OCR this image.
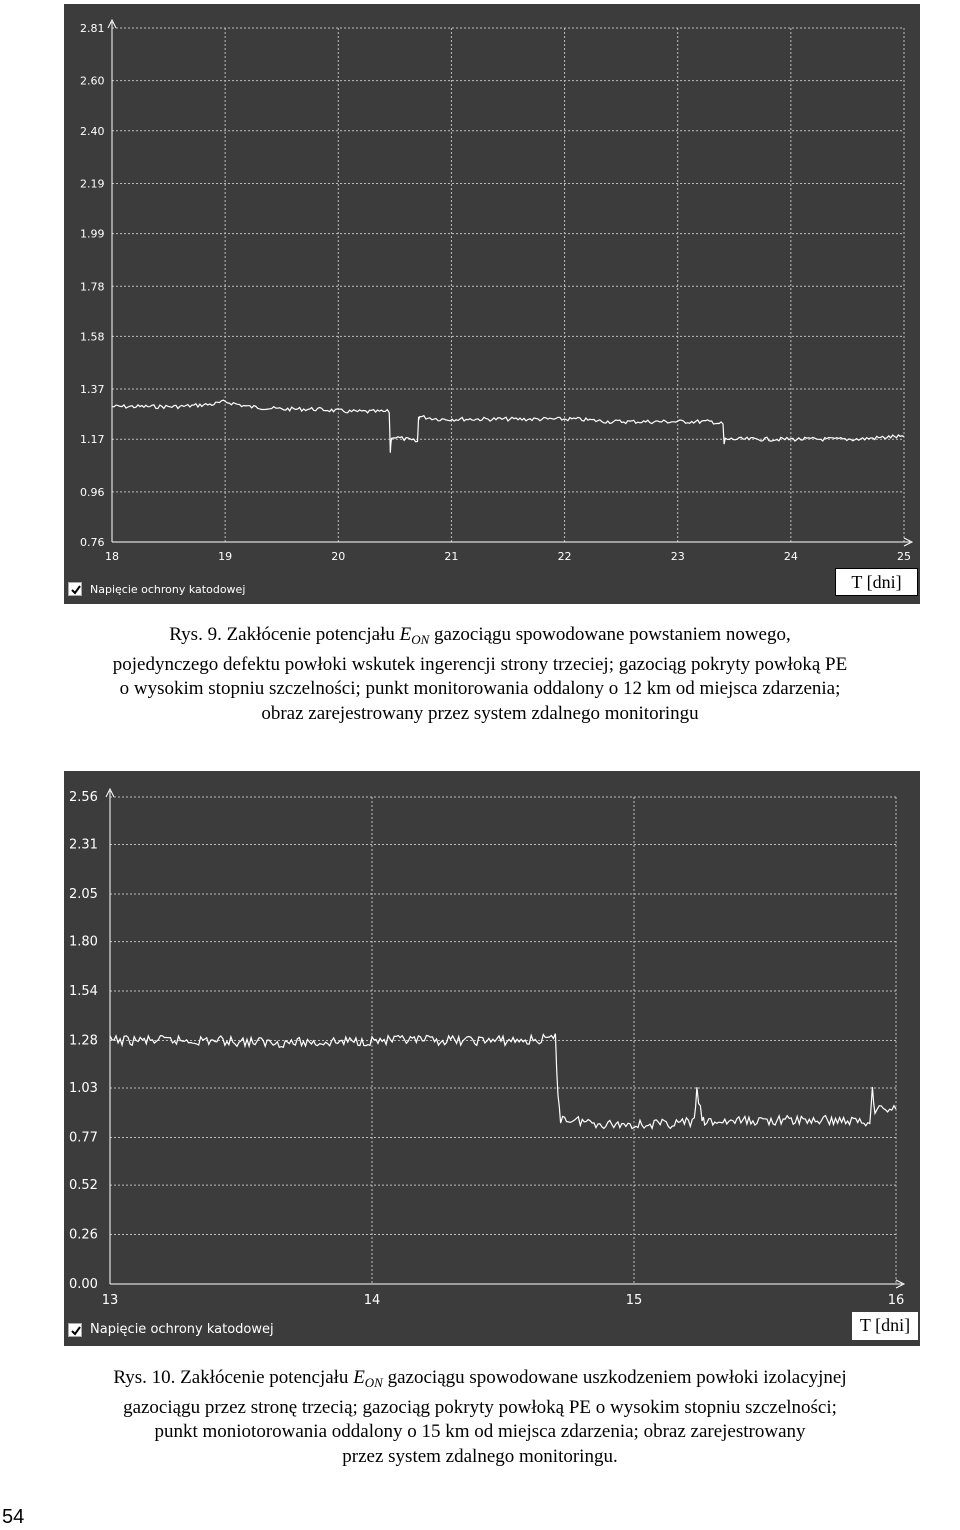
2.81
2.60
2.40
2.19
1.99
1.78
1.58
1.37
1.17
0.96
0.76
18	19	20	21	22	23	24	25
Napięcie ochrony katodowej	T [dni]
Rys. 9. Zakłócenie potencjału $E_{ON}$ gazociągu spowodowane powstaniem nowego,
pojedynczego defektu powłoki wskutek ingerencji strony trzeciej; gazociąg pokryty powłoką PE
o wysokim stopniu szczelności; punkt monitorowania oddalony o 12 km od miejsca zdarzenia;
obraz zarejestrowany przez system zdalnego monitoringu
2.56
2.31
2.05
1.80
1.54
1.28
1.03
0.77
0.52
0.26
0.00
13	14	15	16
Napięcie ochrony katodowej	T [dni]
Rys. 10. Zakłócenie potencjału $E_{ON}$ gazociągu spowodowane uszkodzeniem powłoki izolacyjnej
gazociągu przez stronę trzecią; gazociąg pokryty powłoką PE o wysokim stopniu szczelności;
punkt moniotorowania oddalony o 15 km od miejsca zdarzenia; obraz zarejestrowany
przez system zdalnego monitoringu.
54
